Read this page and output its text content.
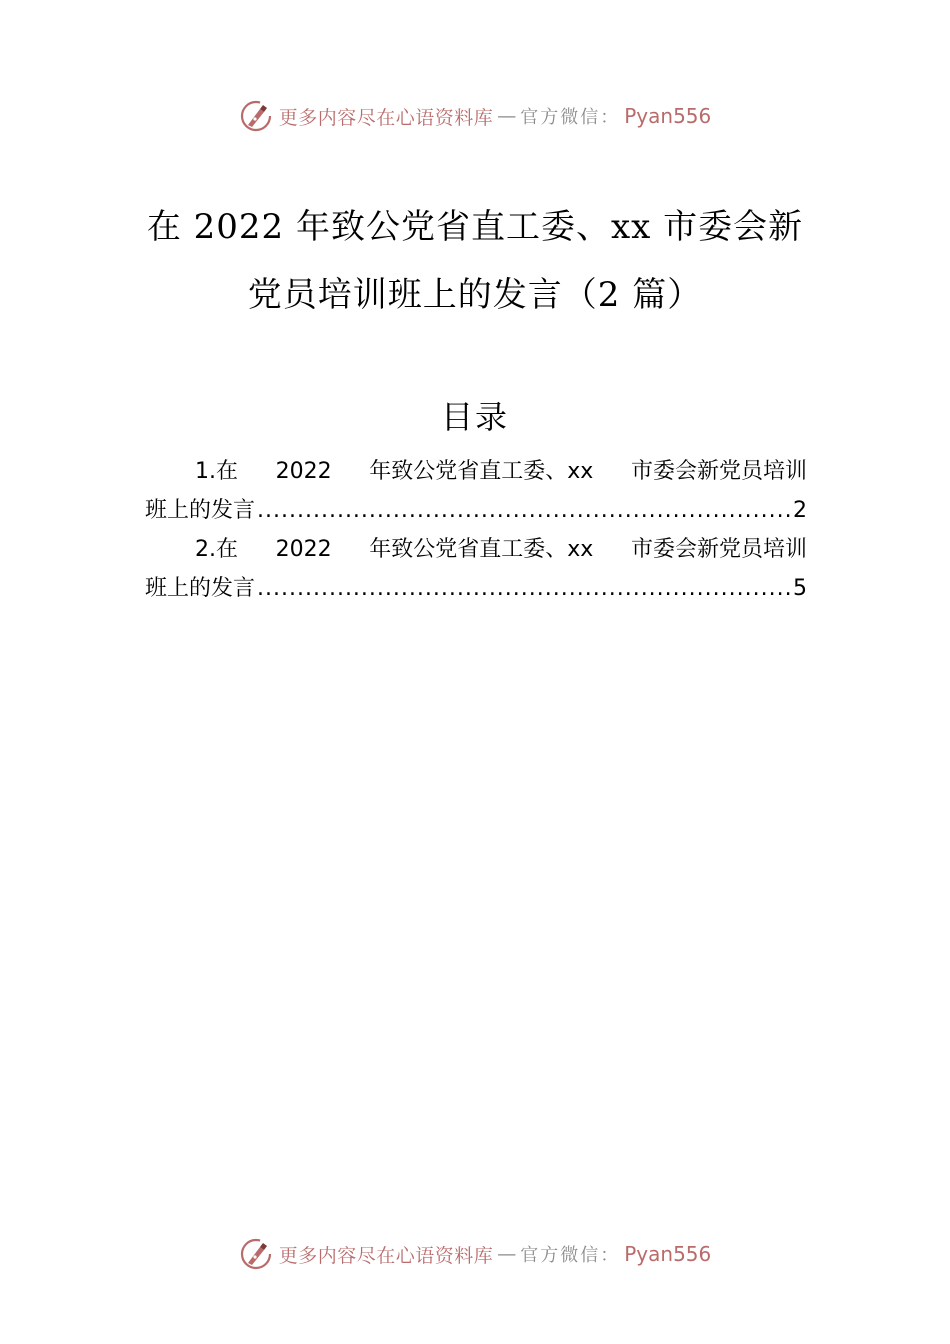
更多内容尽在心语资料库 — 官方微信： Pyan556
在 2022 年致公党省直工委、xx 市委会新
党员培训班上的发言（2 篇）
目录
1.在 2022 年致公党省直工委、xx 市委会新党员培训
班上的发言 .....	2
2.在 2022 年致公党省直工委、xx 市委会新党员培训
班上的发言 .....	5
更多内容尽在心语资料库 — 官方微信： Pyan556
